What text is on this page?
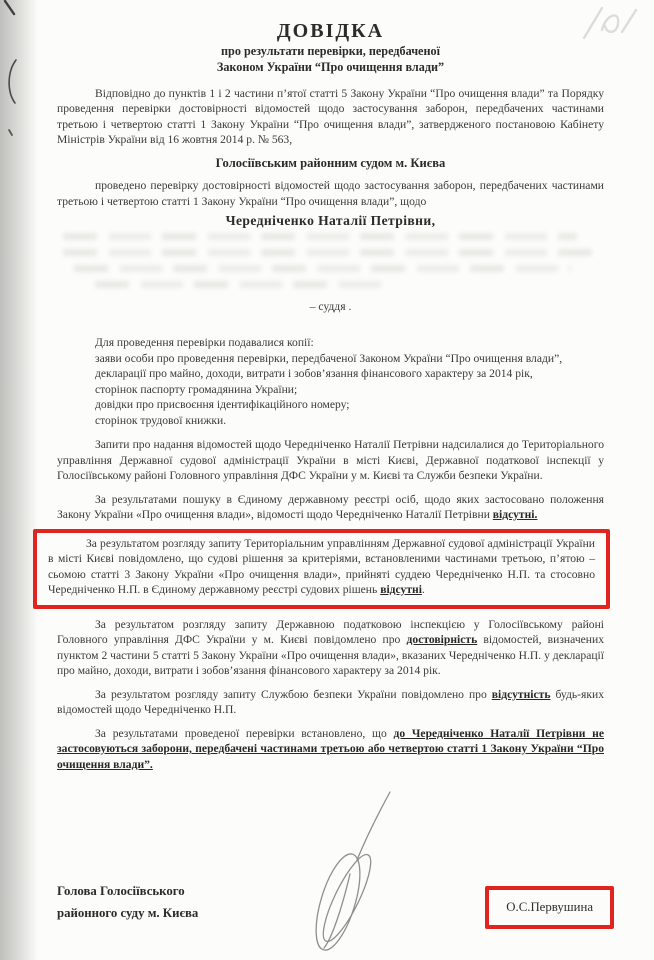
ДОВІДКА
про результати перевірки, передбаченої
Законом України “Про очищення влади”

Відповідно до пунктів 1 і 2 частини п’ятої статті 5 Закону України “Про очищення влади” та Порядку проведення перевірки достовірності відомостей щодо застосування заборон, передбачених частинами третьою і четвертою статті 1 Закону України “Про очищення влади”, затвердженого постановою Кабінету Міністрів України від 16 жовтня 2014 р. № 563,

Голосіївським районним судом м. Києва

проведено перевірку достовірності відомостей щодо застосування заборон, передбачених частинами третьою і четвертою статті 1 Закону України “Про очищення влади”, щодо

Чередніченко Наталії Петрівни,
– суддя .

Для проведення перевірки подавалися копії:

заяви особи про проведення перевірки, передбаченої Законом України “Про очищення влади”,

декларації про майно, доходи, витрати і зобов’язання фінансового характеру за 2014 рік,

сторінок паспорту громадянина України;

довідки про присвоєння ідентифікаційного номеру;

сторінок трудової книжки.

Запити про надання відомостей щодо Чередніченко Наталії Петрівни надсилалися до Територіального управління Державної судової адміністрації України в місті Києві, Державної податкової інспекції у Голосіївському районі Головного управління ДФС України у м. Києві та Служби безпеки України.

За результатами пошуку в Єдиному державному реєстрі осіб, щодо яких застосовано положення Закону України «Про очищення влади», відомості щодо Чередніченко Наталії Петрівни відсутні.

За результатом розгляду запиту Територіальним управлінням Державної судової адміністрації України в місті Києві повідомлено, що судові рішення за критеріями, встановленими частинами третьою, п’ятою – сьомою статті 3 Закону України «Про очищення влади», прийняті суддею Чередніченко Н.П. та стосовно Чередніченко Н.П. в Єдиному державному реєстрі судових рішень відсутні.

За результатом розгляду запиту Державною податковою інспекцією у Голосіївському районі Головного управління ДФС України у м. Києві повідомлено про достовірність відомостей, визначених пунктом 2 частини 5 статті 5 Закону України «Про очищення влади», вказаних Чередніченко Н.П. у декларації про майно, доходи, витрати і зобов’язання фінансового характеру за 2014 рік.

За результатом розгляду запиту Службою безпеки України повідомлено про відсутність будь-яких відомостей щодо Чередніченко Н.П.

За результатами проведеної перевірки встановлено, що до Чередніченко Наталії Петрівни не застосовуються заборони, передбачені частинами третьою або четвертою статті 1 Закону України “Про очищення влади”.

Голова Голосіївського
районного суду м. Києва	О.С.Первушина
